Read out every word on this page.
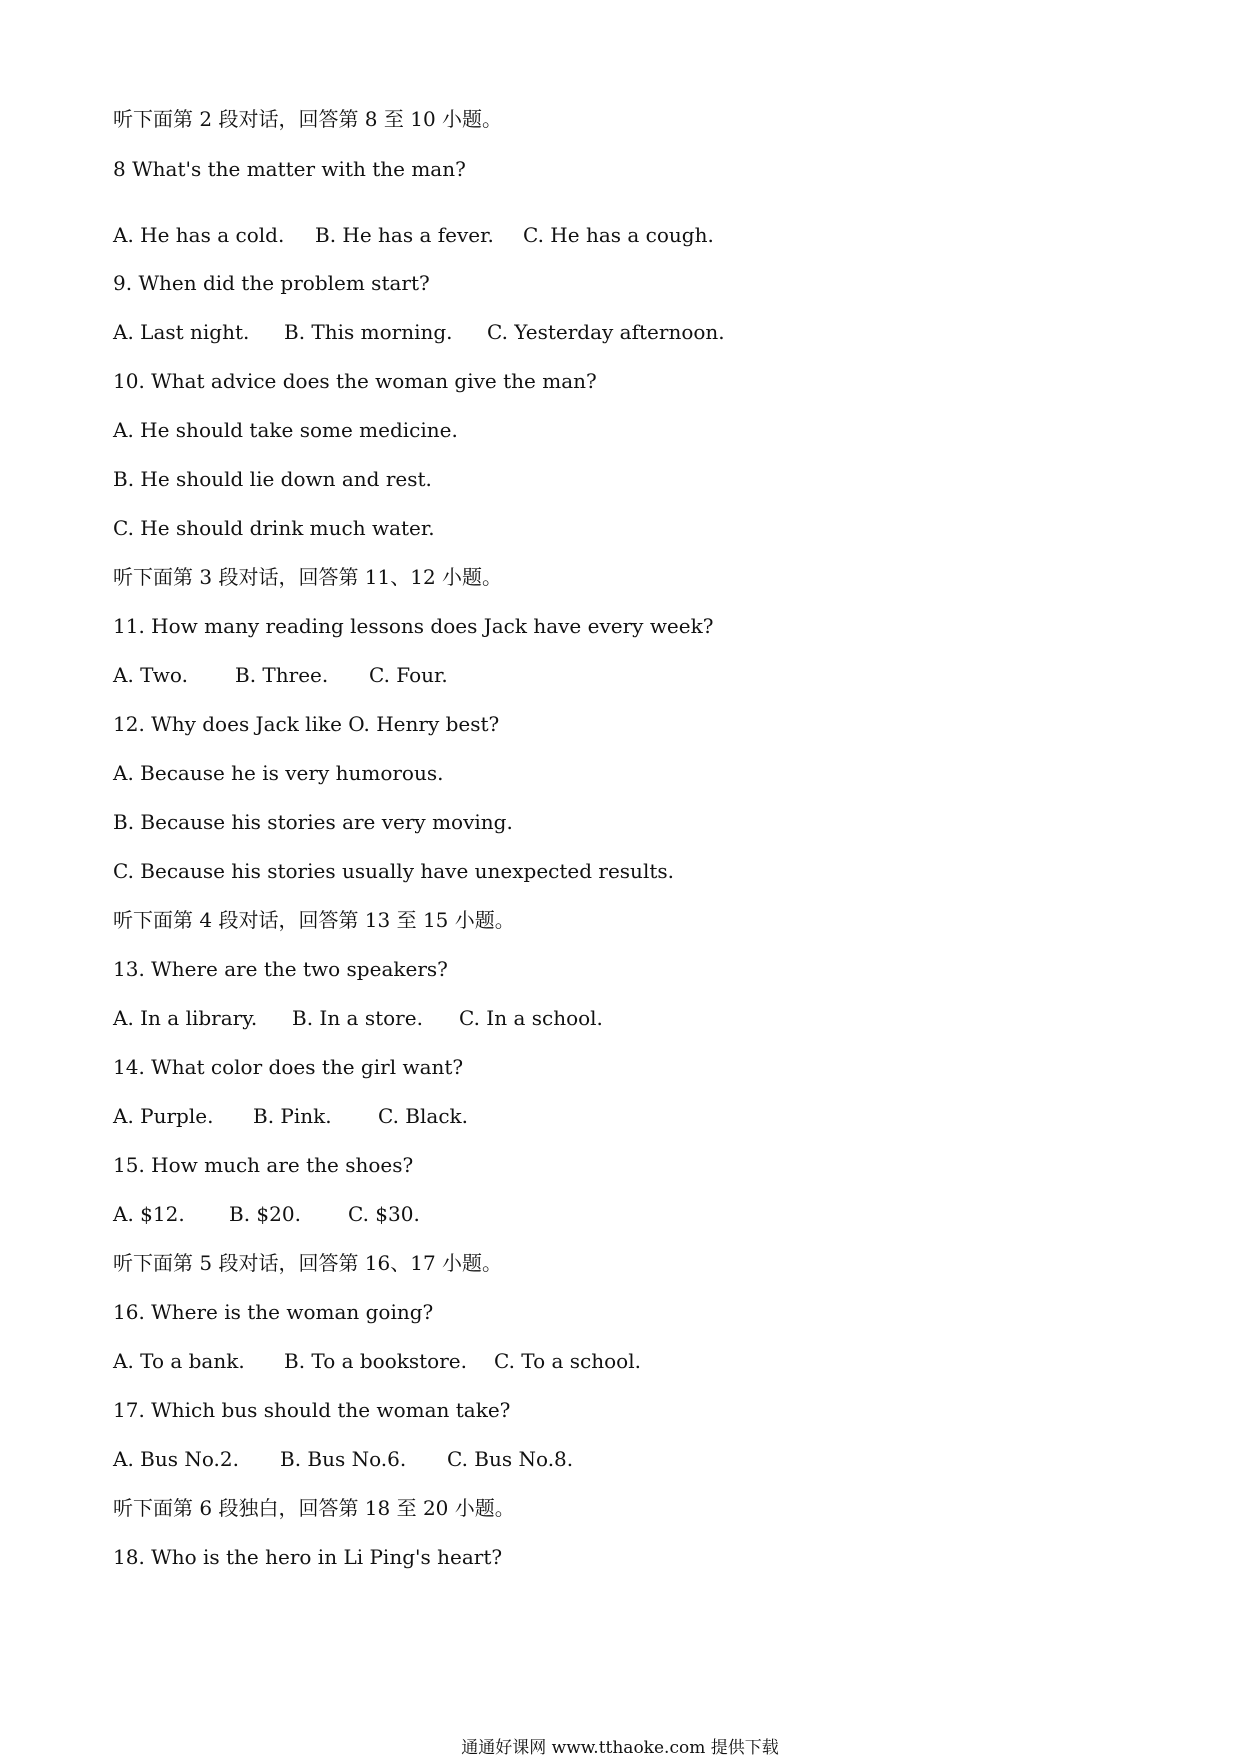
听下面第 2 段对话，回答第 8 至 10 小题。
8 What's the matter with the man?
A. He has a cold. B. He has a fever. C. He has a cough.
9. When did the problem start?
A. Last night. B. This morning. C. Yesterday afternoon.
10. What advice does the woman give the man?
A. He should take some medicine.
B. He should lie down and rest.
C. He should drink much water.
听下面第 3 段对话，回答第 11、12 小题。
11. How many reading lessons does Jack have every week?
A. Two. B. Three. C. Four.
12. Why does Jack like O. Henry best?
A. Because he is very humorous.
B. Because his stories are very moving.
C. Because his stories usually have unexpected results.
听下面第 4 段对话，回答第 13 至 15 小题。
13. Where are the two speakers?
A. In a library. B. In a store. C. In a school.
14. What color does the girl want?
A. Purple. B. Pink. C. Black.
15. How much are the shoes?
A. $12. B. $20. C. $30.
听下面第 5 段对话，回答第 16、17 小题。
16. Where is the woman going?
A. To a bank. B. To a bookstore. C. To a school.
17. Which bus should the woman take?
A. Bus No.2. B. Bus No.6. C. Bus No.8.
听下面第 6 段独白，回答第 18 至 20 小题。
18. Who is the hero in Li Ping's heart?
通通好课网 www.tthaoke.com 提供下载
